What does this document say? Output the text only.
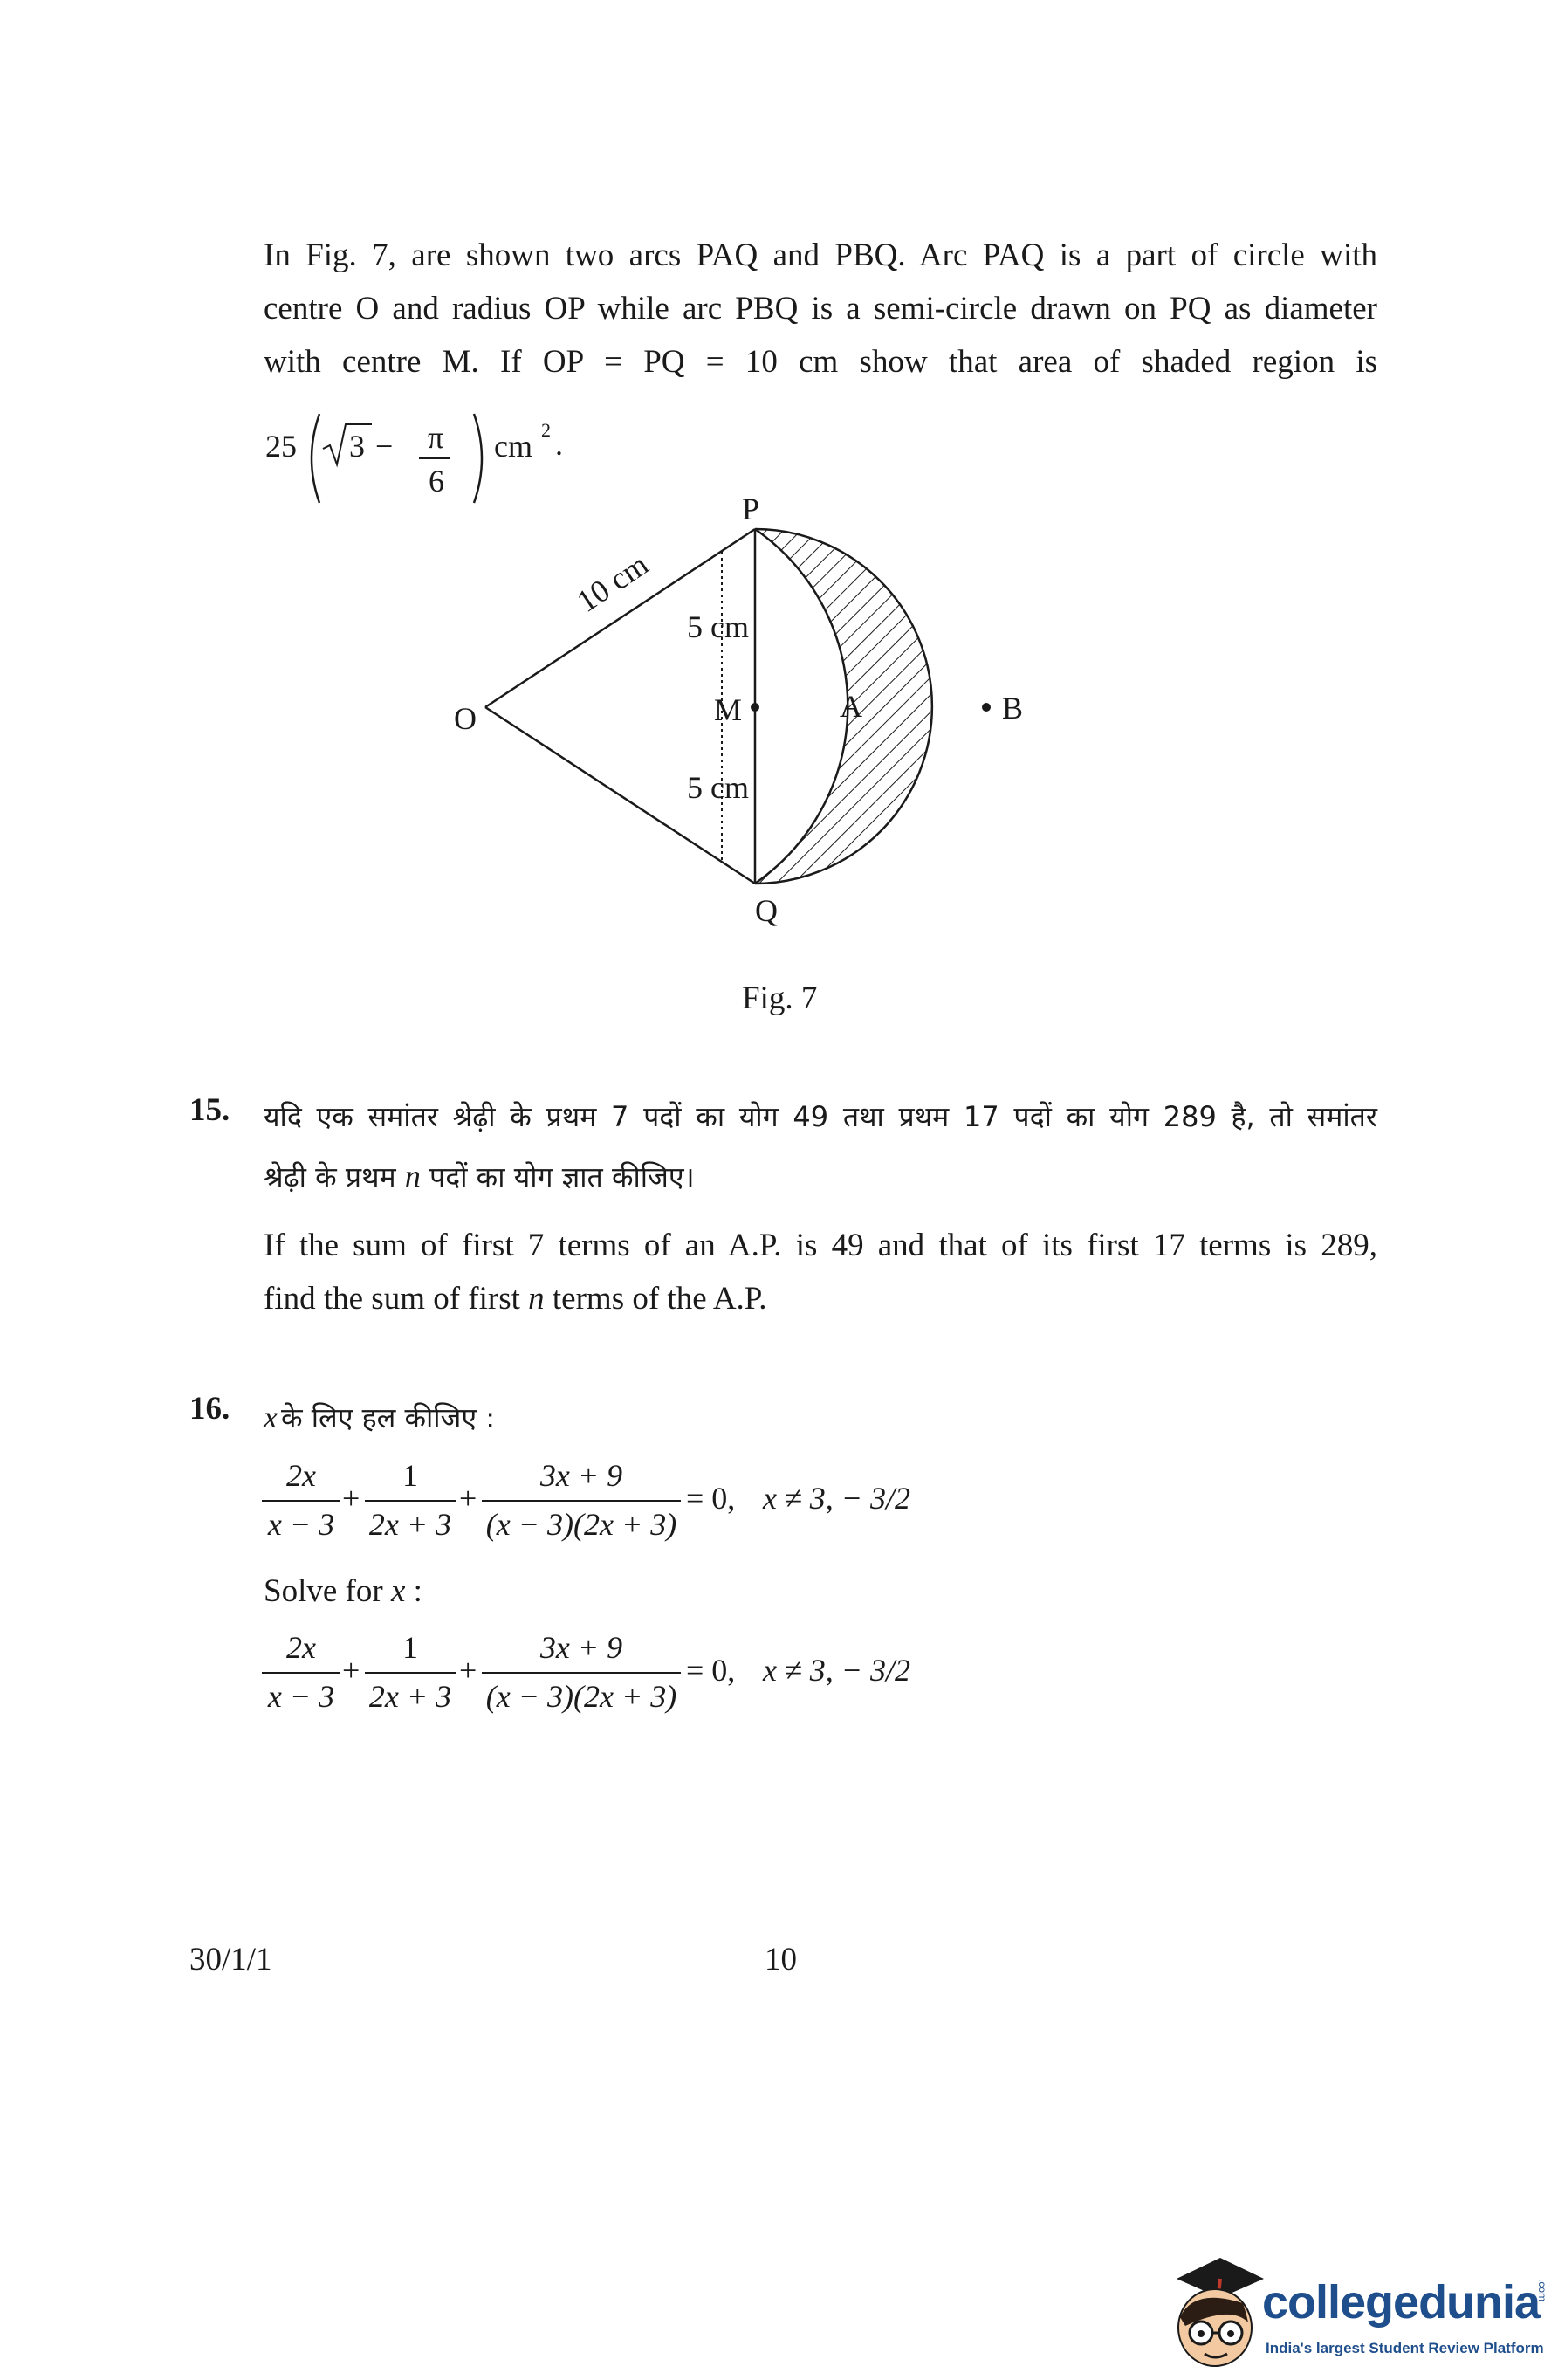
In Fig. 7, are shown two arcs PAQ and PBQ. Arc PAQ is a part of circle with
centre O and radius OP while arc PBQ is a semi-circle drawn on PQ as diameter
with centre M. If OP = PQ = 10 cm show that area of shaded region is
25 3 − π
6
cm 2 .
P
Q
O	M	A	B
10 cm
5 cm
5 cm
Fig. 7
15. यदि एक समांतर श्रेढ़ी के प्रथम 7 पदों का योग 49 तथा प्रथम 17 पदों का योग 289 है, तो समांतर
श्रेढ़ी के प्रथम n पदों का योग ज्ञात कीजिए।
If the sum of first 7 terms of an A.P. is 49 and that of its first 17 terms is 289,
find the sum of first n terms of the A.P.
16. x के लिए हल कीजिए :
2x
x − 3
+
1
2x + 3
+
3x + 9
(x − 3)(2x + 3)
= 0, x ≠ 3, − 3/2
Solve for x :
2x
x − 3
+
1
2x + 3
+
3x + 9
(x − 3)(2x + 3)
= 0, x ≠ 3, − 3/2
30/1/1	10
collegedunia
.com
India's largest Student Review Platform
